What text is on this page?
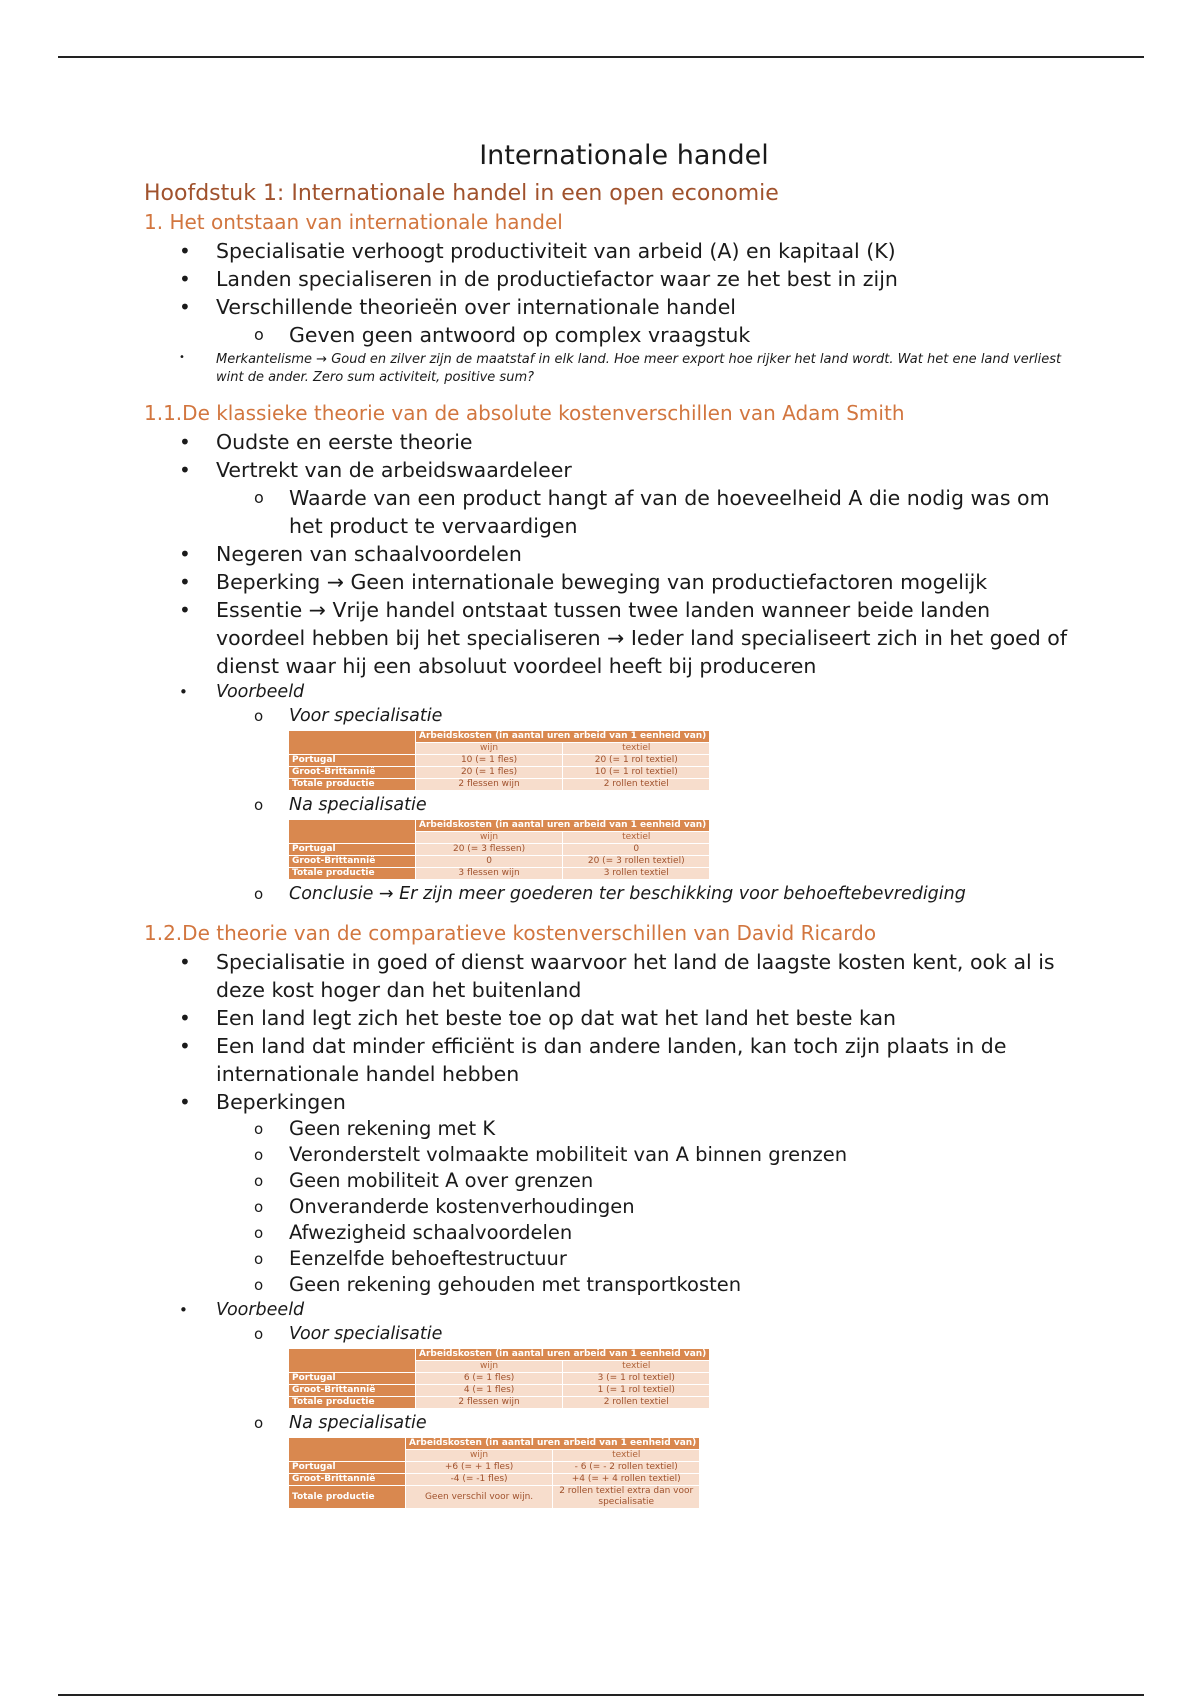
Internationale handel
Hoofdstuk 1: Internationale handel in een open economie
1. Het ontstaan van internationale handel
• Specialisatie verhoogt productiviteit van arbeid (A) en kapitaal (K)
• Landen specialiseren in de productiefactor waar ze het best in zijn
• Verschillende theorieën over internationale handel
o Geven geen antwoord op complex vraagstuk
• Merkantelisme → Goud en zilver zijn de maatstaf in elk land. Hoe meer export hoe rijker het land wordt. Wat het ene land verliest wint de ander. Zero sum activiteit, positive sum?
1.1.De klassieke theorie van de absolute kostenverschillen van Adam Smith
• Oudste en eerste theorie
• Vertrekt van de arbeidswaardeleer
o Waarde van een product hangt af van de hoeveelheid A die nodig was om het product te vervaardigen
• Negeren van schaalvoordelen
• Beperking → Geen internationale beweging van productiefactoren mogelijk
• Essentie → Vrije handel ontstaat tussen twee landen wanneer beide landen voordeel hebben bij het specialiseren → Ieder land specialiseert zich in het goed of dienst waar hij een absoluut voordeel heeft bij produceren
• Voorbeeld
o Voor specialisatie
	Arbeidskosten (in aantal uren arbeid van 1 eenheid van)	
	wijn	textiel
Portugal	10 (= 1 fles)	20 (= 1 rol textiel)
Groot-Brittannië	20 (= 1 fles)	10 (= 1 rol textiel)
Totale productie	2 flessen wijn	2 rollen textiel
o Na specialisatie
	Arbeidskosten (in aantal uren arbeid van 1 eenheid van)	
	wijn	textiel
Portugal	20 (= 3 flessen)	0
Groot-Brittannië	0	20 (= 3 rollen textiel)
Totale productie	3 flessen wijn	3 rollen textiel
o Conclusie → Er zijn meer goederen ter beschikking voor behoeftebevrediging
1.2.De theorie van de comparatieve kostenverschillen van David Ricardo
• Specialisatie in goed of dienst waarvoor het land de laagste kosten kent, ook al is deze kost hoger dan het buitenland
• Een land legt zich het beste toe op dat wat het land het beste kan
• Een land dat minder efficiënt is dan andere landen, kan toch zijn plaats in de internationale handel hebben
• Beperkingen
o Geen rekening met K
o Veronderstelt volmaakte mobiliteit van A binnen grenzen
o Geen mobiliteit A over grenzen
o Onveranderde kostenverhoudingen
o Afwezigheid schaalvoordelen
o Eenzelfde behoeftestructuur
o Geen rekening gehouden met transportkosten
• Voorbeeld
o Voor specialisatie
	Arbeidskosten (in aantal uren arbeid van 1 eenheid van)	
	wijn	textiel
Portugal	6 (= 1 fles)	3 (= 1 rol textiel)
Groot-Brittannië	4 (= 1 fles)	1 (= 1 rol textiel)
Totale productie	2 flessen wijn	2 rollen textiel
o Na specialisatie
	Arbeidskosten (in aantal uren arbeid van 1 eenheid van)	
	wijn	textiel
Portugal	+6 (= + 1 fles)	- 6 (= - 2 rollen textiel)
Groot-Brittannië	-4 (= -1 fles)	+4 (= + 4 rollen textiel)
Totale productie	Geen verschil voor wijn.	2 rollen textiel extra dan voor specialisatie
